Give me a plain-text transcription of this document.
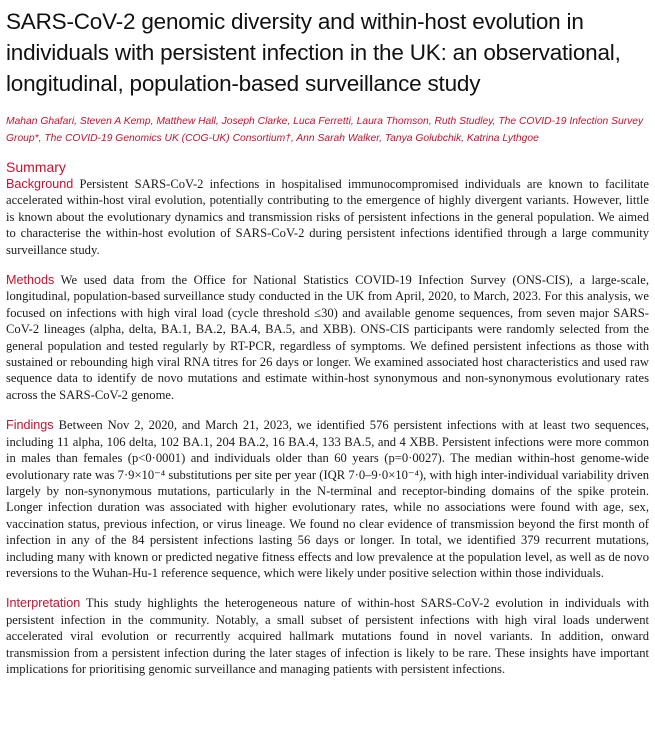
SARS-CoV-2 genomic diversity and within-host evolution in individuals with persistent infection in the UK: an observational, longitudinal, population-based surveillance study

Mahan Ghafari, Steven A Kemp, Matthew Hall, Joseph Clarke, Luca Ferretti, Laura Thomson, Ruth Studley, The COVID-19 Infection Survey Group*, The COVID-19 Genomics UK (COG-UK) Consortium†, Ann Sarah Walker, Tanya Golubchik, Katrina Lythgoe

Summary

Background Persistent SARS-CoV-2 infections in hospitalised immunocompromised individuals are known to facilitate accelerated within-host viral evolution, potentially contributing to the emergence of highly divergent variants. However, little is known about the evolutionary dynamics and transmission risks of persistent infections in the general population. We aimed to characterise the within-host evolution of SARS-CoV-2 during persistent infections identified through a large community surveillance study.

Methods We used data from the Office for National Statistics COVID-19 Infection Survey (ONS-CIS), a large-scale, longitudinal, population-based surveillance study conducted in the UK from April, 2020, to March, 2023. For this analysis, we focused on infections with high viral load (cycle threshold ≤30) and available genome sequences, from seven major SARS-CoV-2 lineages (alpha, delta, BA.1, BA.2, BA.4, BA.5, and XBB). ONS-CIS participants were randomly selected from the general population and tested regularly by RT-PCR, regardless of symptoms. We defined persistent infections as those with sustained or rebounding high viral RNA titres for 26 days or longer. We examined associated host characteristics and used raw sequence data to identify de novo mutations and estimate within-host synonymous and non-synonymous evolutionary rates across the SARS-CoV-2 genome.

Findings Between Nov 2, 2020, and March 21, 2023, we identified 576 persistent infections with at least two sequences, including 11 alpha, 106 delta, 102 BA.1, 204 BA.2, 16 BA.4, 133 BA.5, and 4 XBB. Persistent infections were more common in males than females (p<0·0001) and individuals older than 60 years (p=0·0027). The median within-host genome-wide evolutionary rate was 7·9×10⁻⁴ substitutions per site per year (IQR 7·0–9·0×10⁻⁴), with high inter-individual variability driven largely by non-synonymous mutations, particularly in the N-terminal and receptor-binding domains of the spike protein. Longer infection duration was associated with higher evolutionary rates, while no associations were found with age, sex, vaccination status, previous infection, or virus lineage. We found no clear evidence of transmission beyond the first month of infection in any of the 84 persistent infections lasting 56 days or longer. In total, we identified 379 recurrent mutations, including many with known or predicted negative fitness effects and low prevalence at the population level, as well as de novo reversions to the Wuhan-Hu-1 reference sequence, which were likely under positive selection within those individuals.

Interpretation This study highlights the heterogeneous nature of within-host SARS-CoV-2 evolution in individuals with persistent infection in the community. Notably, a small subset of persistent infections with high viral loads underwent accelerated viral evolution or recurrently acquired hallmark mutations found in novel variants. In addition, onward transmission from a persistent infection during the later stages of infection is likely to be rare. These insights have important implications for prioritising genomic surveillance and managing patients with persistent infections.
